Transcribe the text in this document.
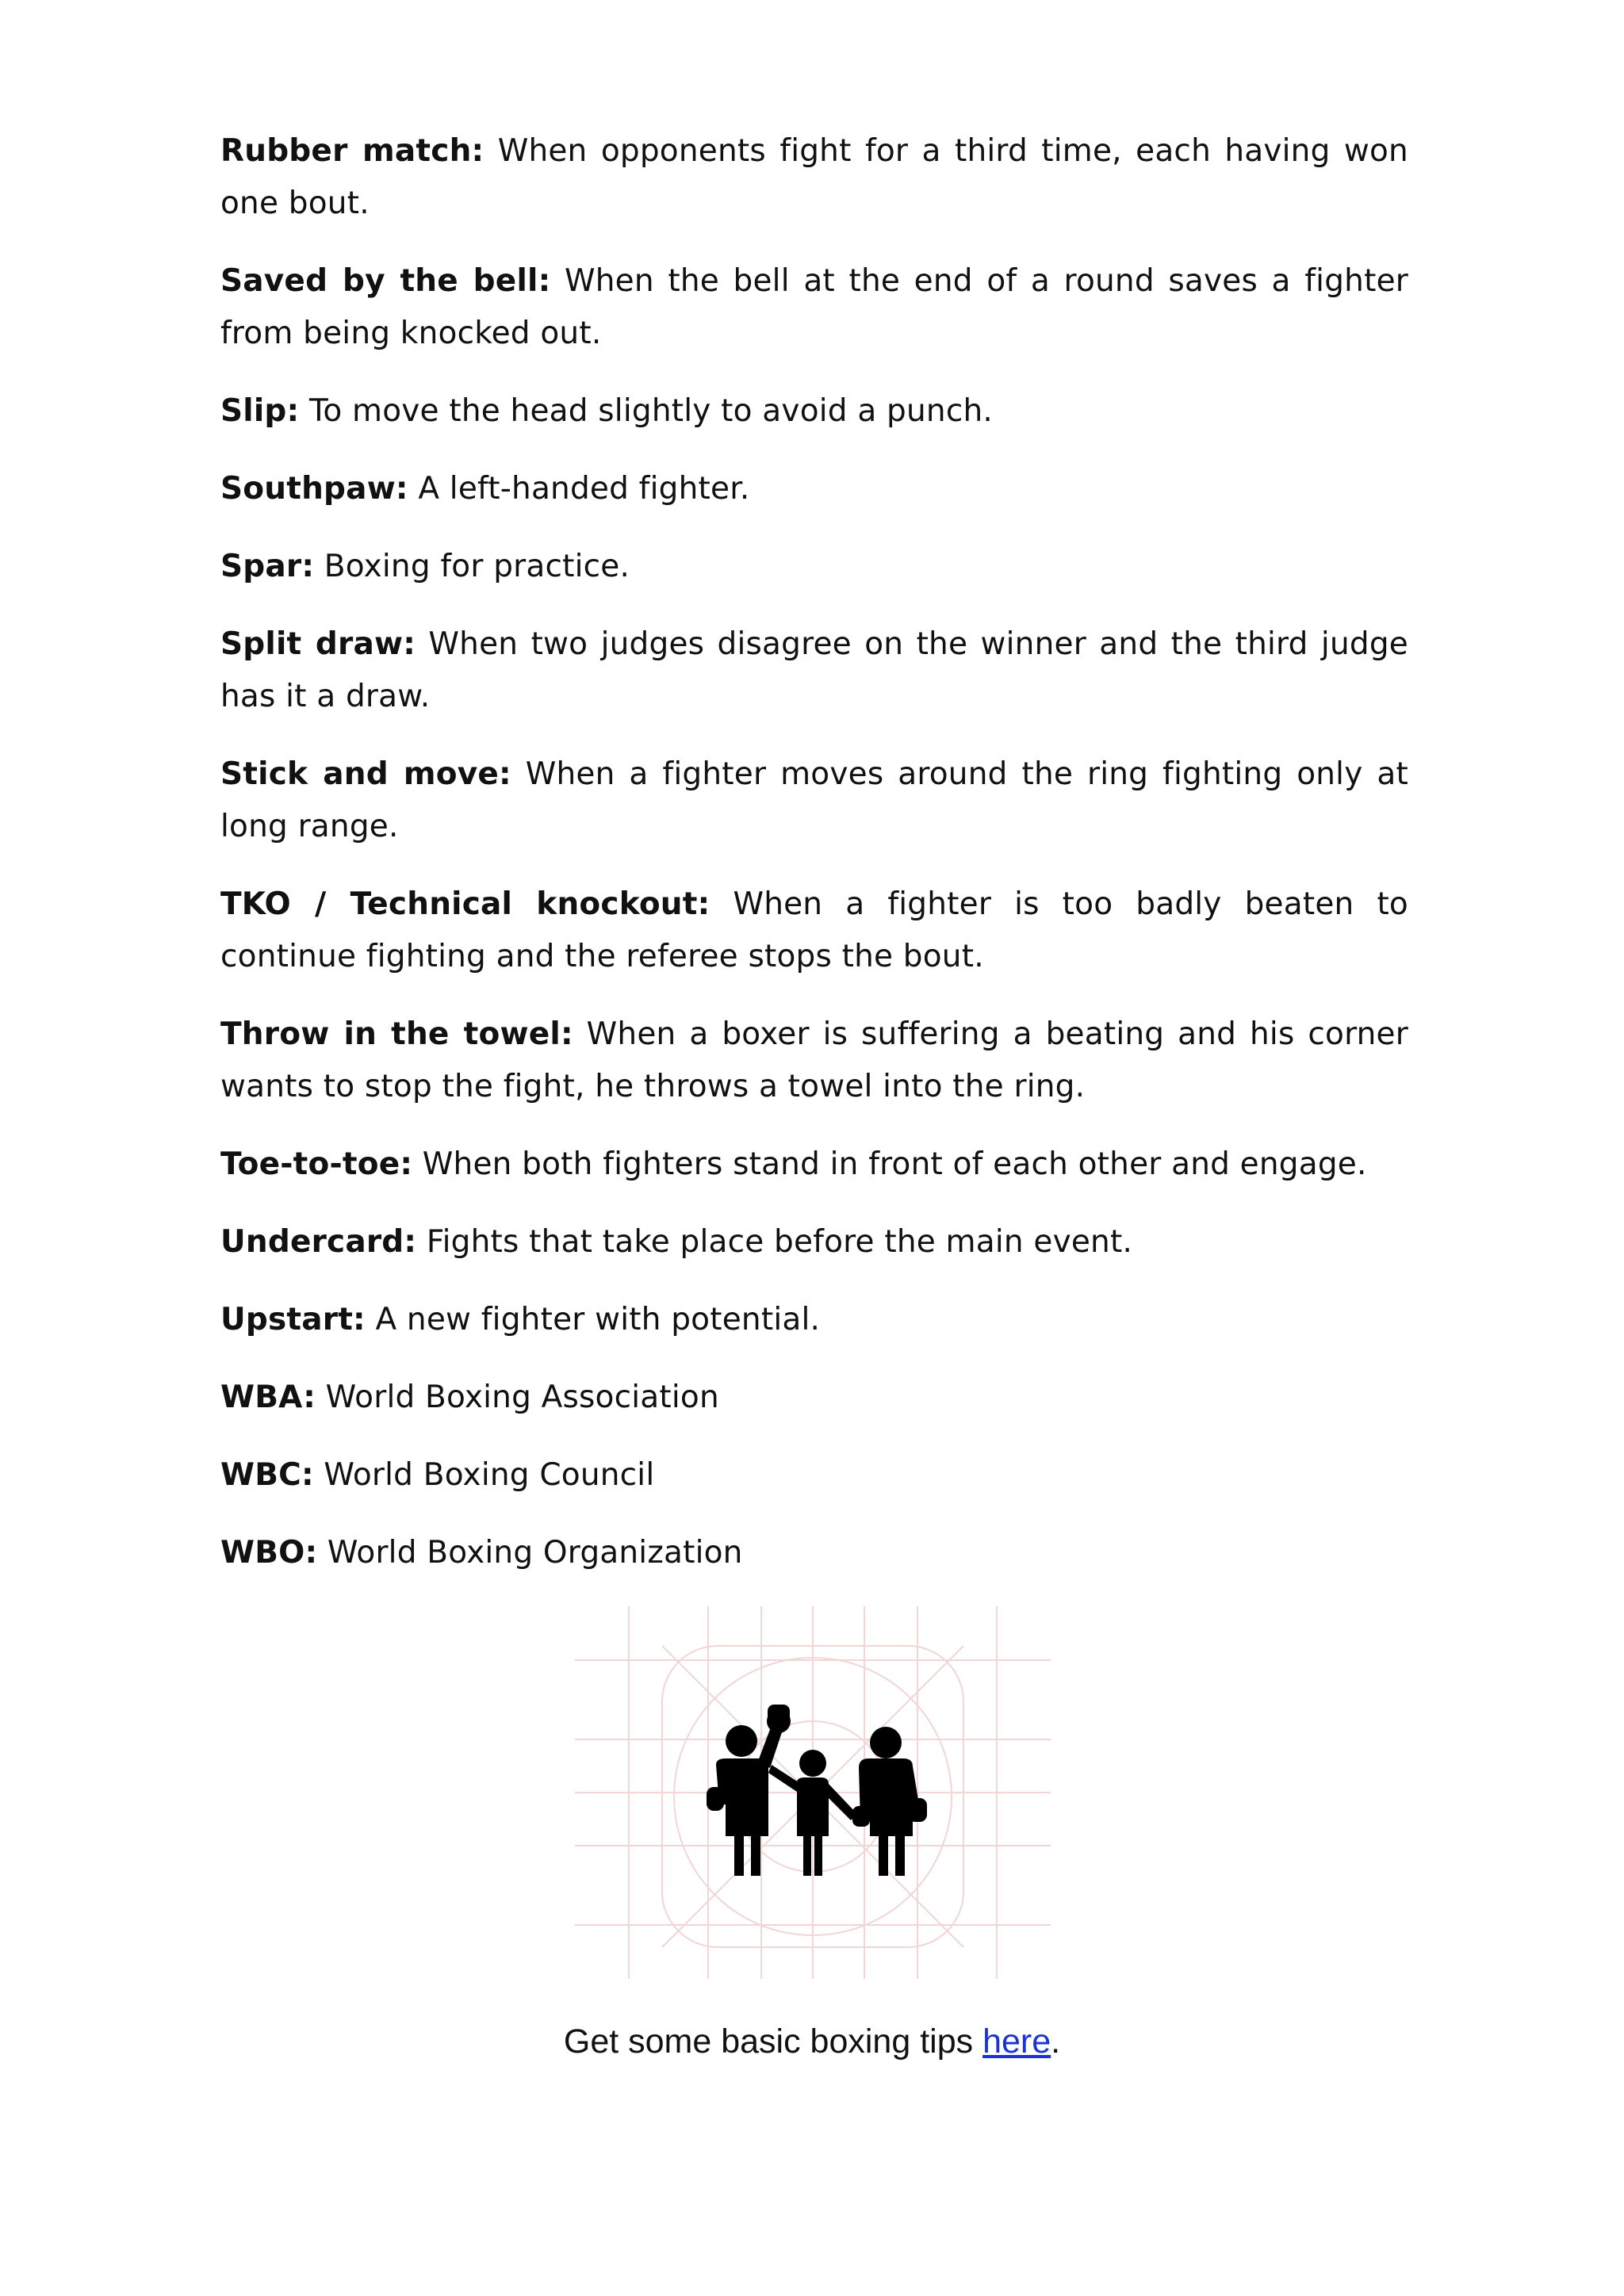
Rubber match: When opponents fight for a third time, each having won one bout.

Saved by the bell: When the bell at the end of a round saves a fighter from being knocked out.

Slip: To move the head slightly to avoid a punch.

Southpaw: A left-handed fighter.

Spar: Boxing for practice.

Split draw: When two judges disagree on the winner and the third judge has it a draw.

Stick and move: When a fighter moves around the ring fighting only at long range.

TKO / Technical knockout: When a fighter is too badly beaten to continue fighting and the referee stops the bout.

Throw in the towel: When a boxer is suffering a beating and his corner wants to stop the fight, he throws a towel into the ring.

Toe-to-toe: When both fighters stand in front of each other and engage.

Undercard: Fights that take place before the main event.

Upstart: A new fighter with potential.

WBA: World Boxing Association

WBC: World Boxing Council

WBO: World Boxing Organization

Get some basic boxing tips here.
